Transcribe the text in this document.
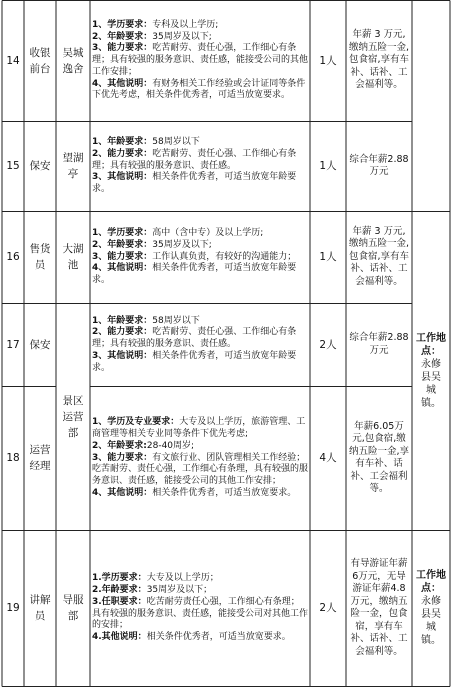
14
收银前台
吴城逸舍

1、学历要求：专科及以上学历;

2、年龄要求：35周岁及以下;

3、能力要求：吃苦耐劳、责任心强，工作细心有条理；具有较强的服务意识、责任感，能接受公司的其他工作安排；

4、其他说明：有财务相关工作经验或会计证同等条件下优先考虑，相关条件优秀者，可适当放宽要求。

1人
年薪 3 万元,缴纳五险一金,包食宿,享有车补、话补、工会福利等。
15 保安
望湖亭

1、年龄要求：58周岁以下

2、能力要求：吃苦耐劳、责任心强、工作细心有条理；具有较强的服务意识、责任感。

3、其他说明：相关条件优秀者，可适当放宽年龄要求。

1人
综合年薪2.88万元
16
售货员
大湖池

1、学历要求：高中（含中专）及以上学历;

2、年龄要求：35周岁及以下;

3、能力要求：工作认真负责，有较好的沟通能力；

4、其他说明：相关条件优秀者，可适当放宽年龄要求。

1人
年薪 3 万元,缴纳五险一金,包食宿,享有车补、话补、工会福利等。
17 保安

1、年龄要求：58周岁以下

2、能力要求：吃苦耐劳、责任心强、工作细心有条理；具有较强的服务意识、责任感。

3、其他说明：相关条件优秀者，可适当放宽年龄要求。

2人
综合年薪2.88万元
18
运营经理

1、学历及专业要求：大专及以上学历，旅游管理、工商管理等相关专业同等条件下优先考虑;

2、年龄要求:28-40周岁;

3、能力要求：有文旅行业、团队管理相关工作经验；吃苦耐劳、责任心强，工作细心有条理，具有较强的服务意识、责任感，能接受公司的其他工作安排；

4、其他说明：相关条件优秀者，可适当放宽要求。

4人
年薪6.05万元,包食宿,缴纳五险一金,享有车补、话补、工会福利等。
19
讲解员
导服部

1.学历要求：大专及以上学历；

2.年龄要求：35周岁及以下；

3.任职要求：吃苦耐劳责任心强，工作细心有条理；具有较强的服务意识、责任感，能接受公司对其他工作的安排；

4.其他说明：相关条件优秀者，可适当放宽要求。

2人
有导游证年薪6万元，无导游证年薪4.8万元，缴纳五险一金，包食宿，享有车补、话补、工会福利等。
景区运营部
工作地点：
永修县吴城镇。
工作地点：
永修县吴城镇。
